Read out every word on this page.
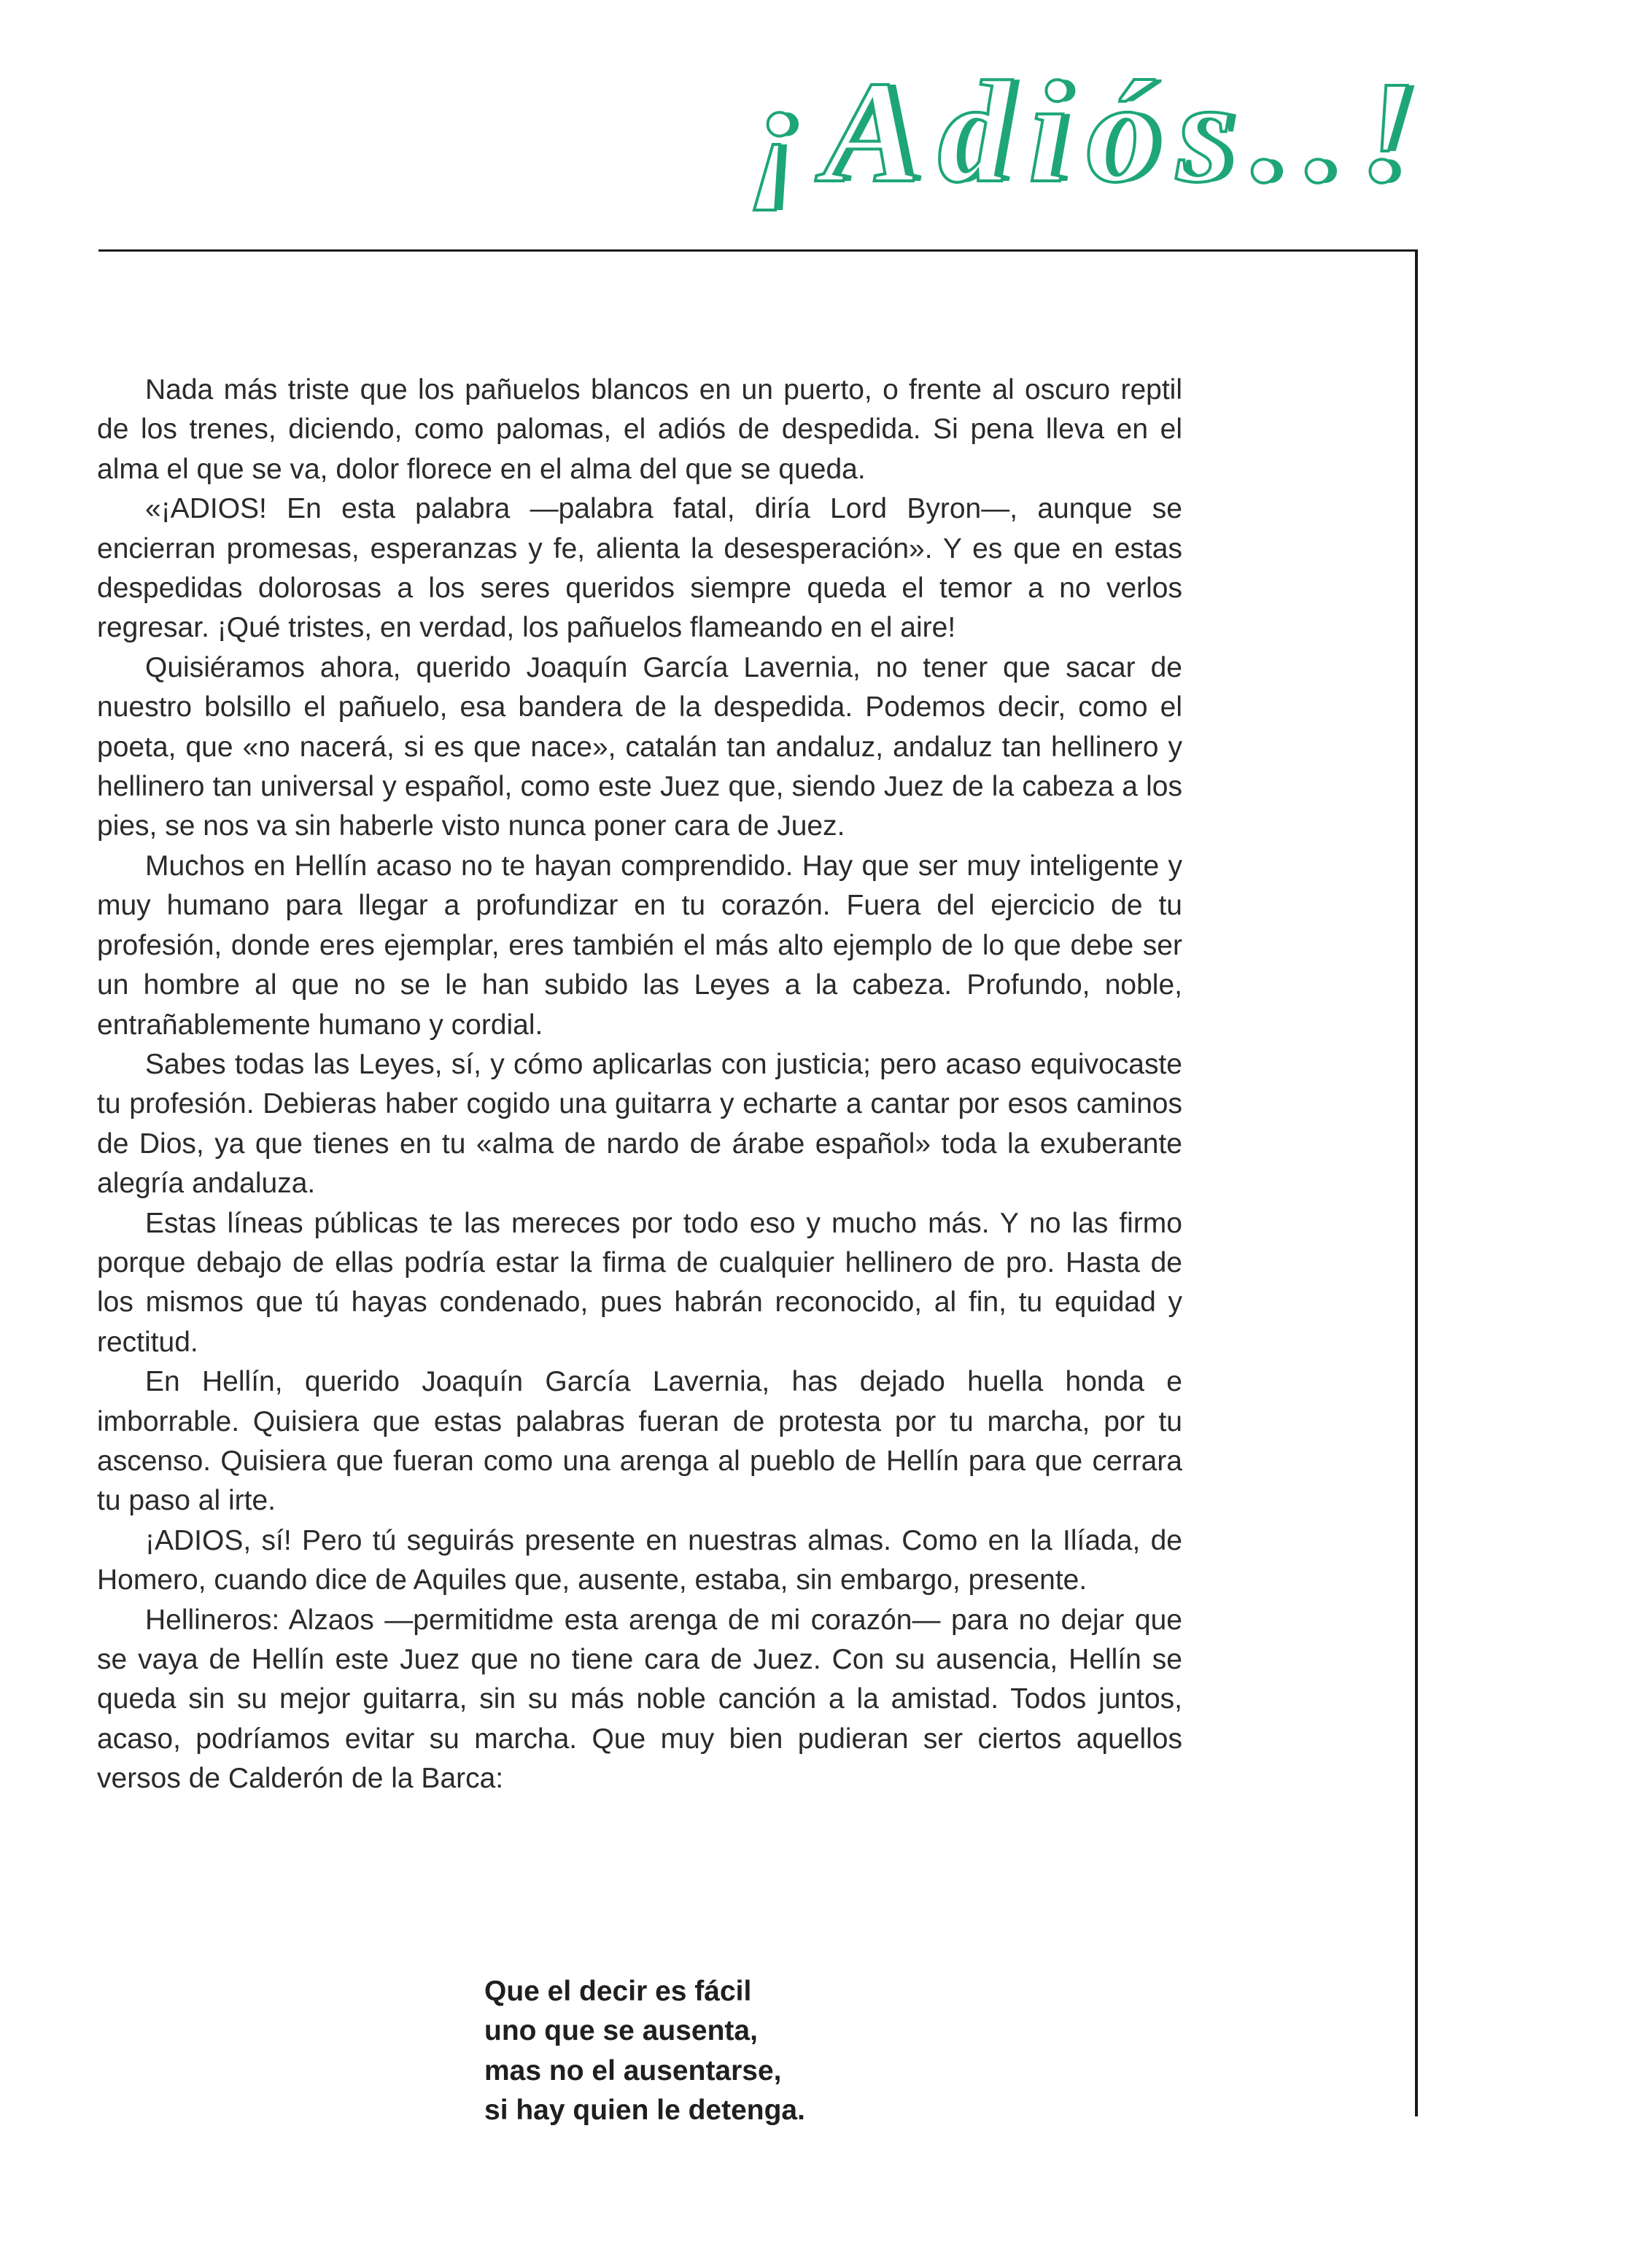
¡Adiós..!

Nada más triste que los pañuelos blancos en un puerto, o frente al oscuro reptil de los trenes, diciendo, como palomas, el adiós de despedida. Si pena lleva en el alma el que se va, dolor florece en el alma del que se queda.

«¡ADIOS! En esta palabra —palabra fatal, diría Lord Byron—, aunque se encierran promesas, esperanzas y fe, alienta la desesperación». Y es que en estas despedidas dolorosas a los seres queridos siempre queda el temor a no verlos regresar. ¡Qué tristes, en verdad, los pañuelos flameando en el aire!

Quisiéramos ahora, querido Joaquín García Lavernia, no tener que sacar de nuestro bolsillo el pañuelo, esa bandera de la despedida. Podemos decir, como el poeta, que «no nacerá, si es que nace», catalán tan andaluz, andaluz tan hellinero y hellinero tan universal y español, como este Juez que, siendo Juez de la cabeza a los pies, se nos va sin haberle visto nunca poner cara de Juez.

Muchos en Hellín acaso no te hayan comprendido. Hay que ser muy inteligente y muy humano para llegar a profundizar en tu corazón. Fuera del ejercicio de tu profesión, donde eres ejemplar, eres también el más alto ejemplo de lo que debe ser un hombre al que no se le han subido las Leyes a la cabeza. Profundo, noble, entrañablemente humano y cordial.

Sabes todas las Leyes, sí, y cómo aplicarlas con justicia; pero acaso equivocaste tu profesión. Debieras haber cogido una guitarra y echarte a cantar por esos caminos de Dios, ya que tienes en tu «alma de nardo de árabe español» toda la exuberante alegría andaluza.

Estas líneas públicas te las mereces por todo eso y mucho más. Y no las firmo porque debajo de ellas podría estar la firma de cualquier hellinero de pro. Hasta de los mismos que tú hayas condenado, pues habrán reconocido, al fin, tu equidad y rectitud.

En Hellín, querido Joaquín García Lavernia, has dejado huella honda e imborrable. Quisiera que estas palabras fueran de protesta por tu marcha, por tu ascenso. Quisiera que fueran como una arenga al pueblo de Hellín para que cerrara tu paso al irte.

¡ADIOS, sí! Pero tú seguirás presente en nuestras almas. Como en la Ilíada, de Homero, cuando dice de Aquiles que, ausente, estaba, sin embargo, presente.

Hellineros: Alzaos —permitidme esta arenga de mi corazón— para no dejar que se vaya de Hellín este Juez que no tiene cara de Juez. Con su ausencia, Hellín se queda sin su mejor guitarra, sin su más noble canción a la amistad. Todos juntos, acaso, podríamos evitar su marcha. Que muy bien pudieran ser ciertos aquellos versos de Calderón de la Barca:

Que el decir es fácil
uno que se ausenta,
mas no el ausentarse,
si hay quien le detenga.
